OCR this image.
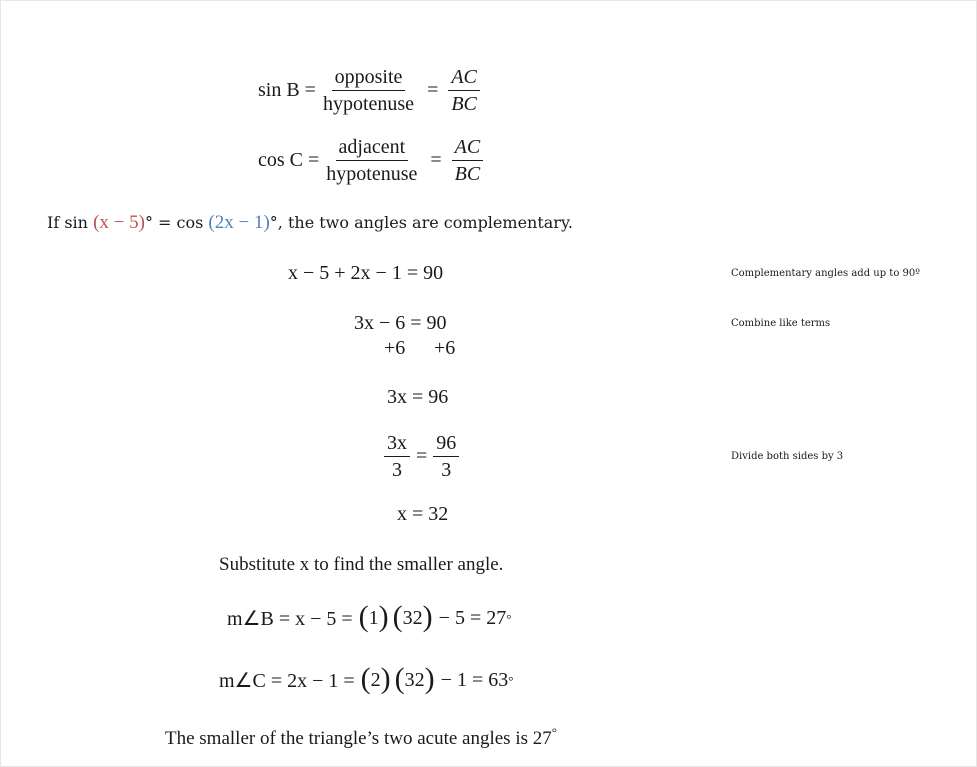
$\sin B = \frac{\text{opposite}}{\text{hypotenuse}} = \frac{AC}{BC}$
$\cos C = \frac{\text{adjacent}}{\text{hypotenuse}} = \frac{AC}{BC}$
If sin (x − 5)° = cos (2x − 1)°, the two angles are complementary.
x − 5 + 2x − 1 = 90	Complementary angles add up to 90º
3x − 6 = 90	Combine like terms
+6 +6
3x = 96
$\frac{3x}{3} = \frac{96}{3}$	Divide both sides by 3
x = 32
Substitute x to find the smaller angle.
m∠B = x − 5 = ( 1 ) ( 32 ) − 5 = 27 °
m∠C = 2x − 1 = ( 2 ) ( 32 ) − 1 = 63 °
The smaller of the triangle’s two acute angles is 27°
